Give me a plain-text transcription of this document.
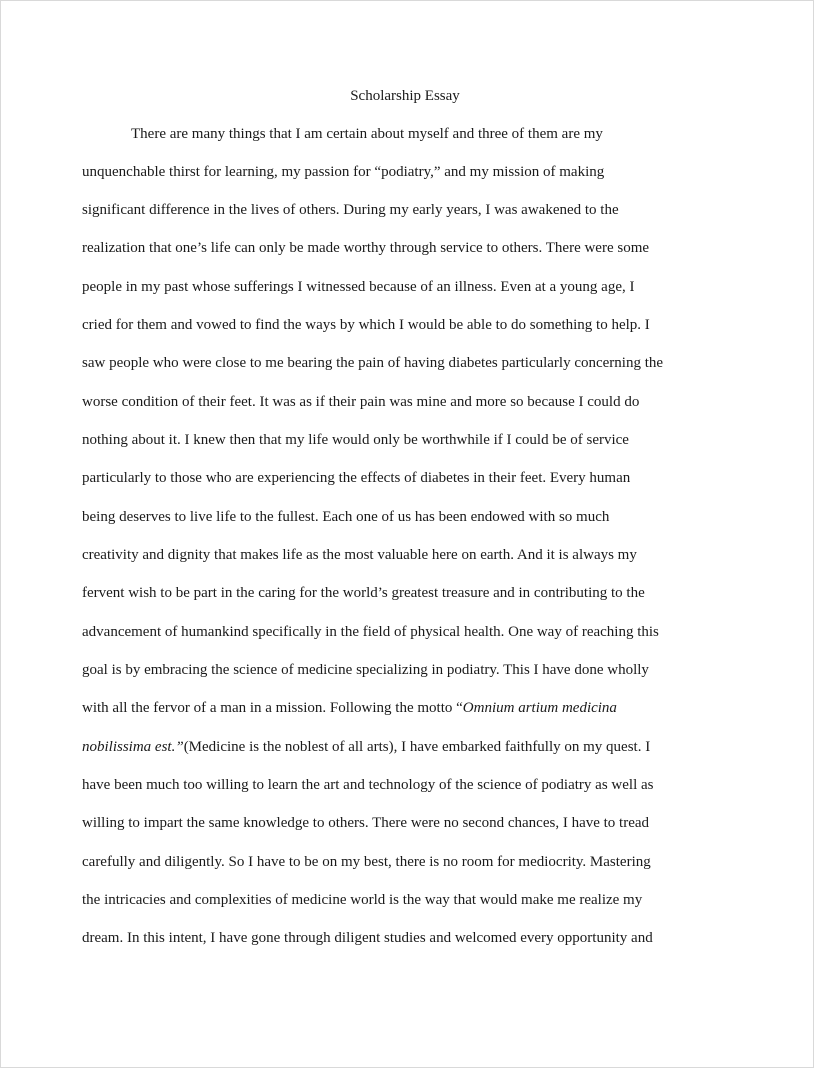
Scholarship Essay

There are many things that I am certain about myself and three of them are my

unquenchable thirst for learning, my passion for “podiatry,” and my mission of making

significant difference in the lives of others. During my early years, I was awakened to the

realization that one’s life can only be made worthy through service to others. There were some

people in my past whose sufferings I witnessed because of an illness. Even at a young age, I

cried for them and vowed to find the ways by which I would be able to do something to help. I

saw people who were close to me bearing the pain of having diabetes particularly concerning the

worse condition of their feet. It was as if their pain was mine and more so because I could do

nothing about it. I knew then that my life would only be worthwhile if I could be of service

particularly to those who are experiencing the effects of diabetes in their feet. Every human

being deserves to live life to the fullest. Each one of us has been endowed with so much

creativity and dignity that makes life as the most valuable here on earth. And it is always my

fervent wish to be part in the caring for the world’s greatest treasure and in contributing to the

advancement of humankind specifically in the field of physical health. One way of reaching this

goal is by embracing the science of medicine specializing in podiatry. This I have done wholly

with all the fervor of a man in a mission. Following the motto “Omnium artium medicina

nobilissima est.”(Medicine is the noblest of all arts), I have embarked faithfully on my quest. I

have been much too willing to learn the art and technology of the science of podiatry as well as

willing to impart the same knowledge to others. There were no second chances, I have to tread

carefully and diligently. So I have to be on my best, there is no room for mediocrity. Mastering

the intricacies and complexities of medicine world is the way that would make me realize my

dream. In this intent, I have gone through diligent studies and welcomed every opportunity and
